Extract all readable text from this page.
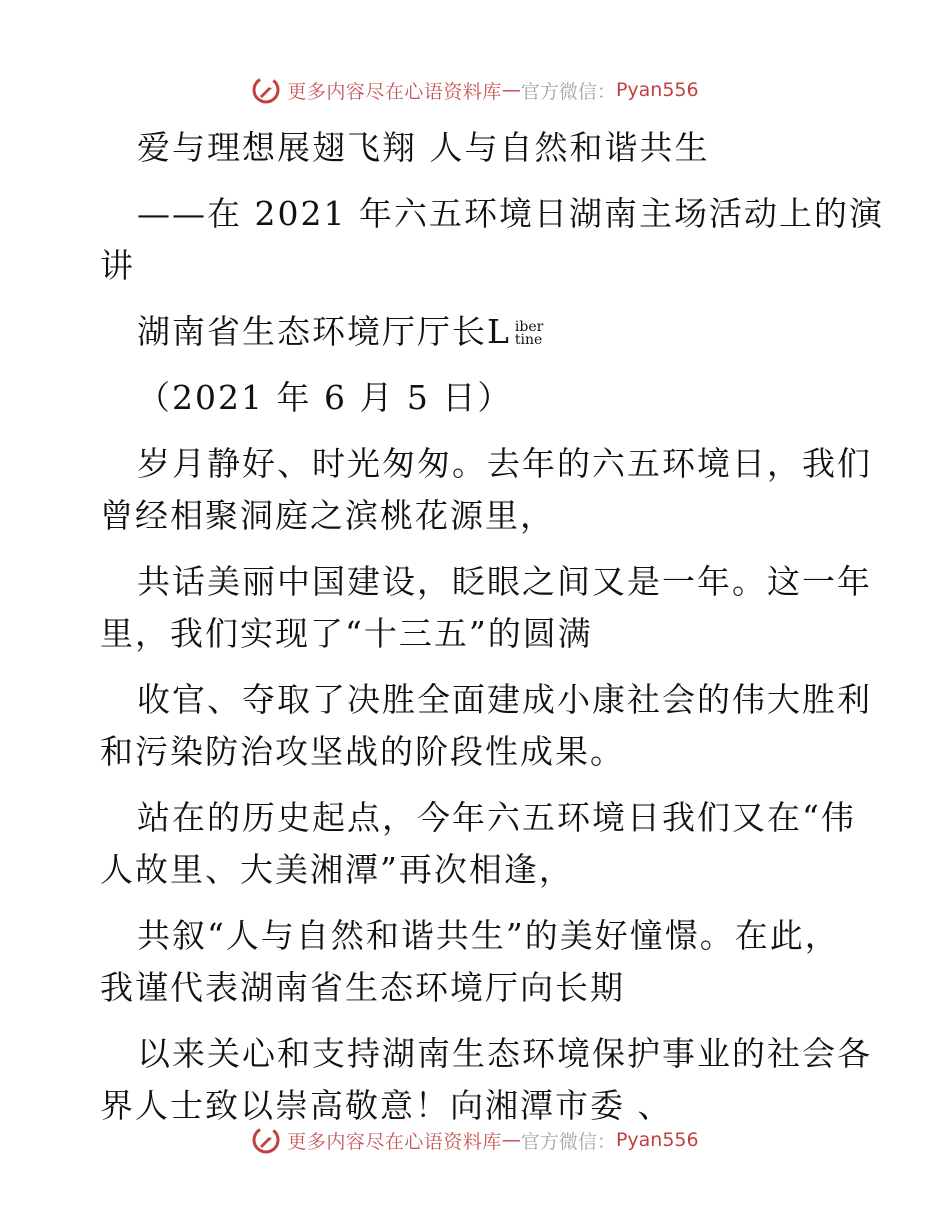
更多内容尽在心语资料库 — 官方微信： Pyan556
爱与理想展翅飞翔 人与自然和谐共生
——在 2021 年六五环境日湖南主场活动上的演
讲
湖南省生态环境厅厅长L iber
tine
（2021 年 6 月 5 日）
岁月静好、时光匆匆。去年的六五环境日，我们
曾经相聚洞庭之滨桃花源里，
共话美丽中国建设，眨眼之间又是一年。这一年
里，我们实现了“十三五”的圆满
收官、夺取了决胜全面建成小康社会的伟大胜利
和污染防治攻坚战的阶段性成果。
站在的历史起点，今年六五环境日我们又在“伟
人故里、大美湘潭”再次相逢，
共叙“人与自然和谐共生”的美好憧憬。在此，
我谨代表湖南省生态环境厅向长期
以来关心和支持湖南生态环境保护事业的社会各
界人士致以崇高敬意！向湘潭市委 、
更多内容尽在心语资料库 — 官方微信： Pyan556
